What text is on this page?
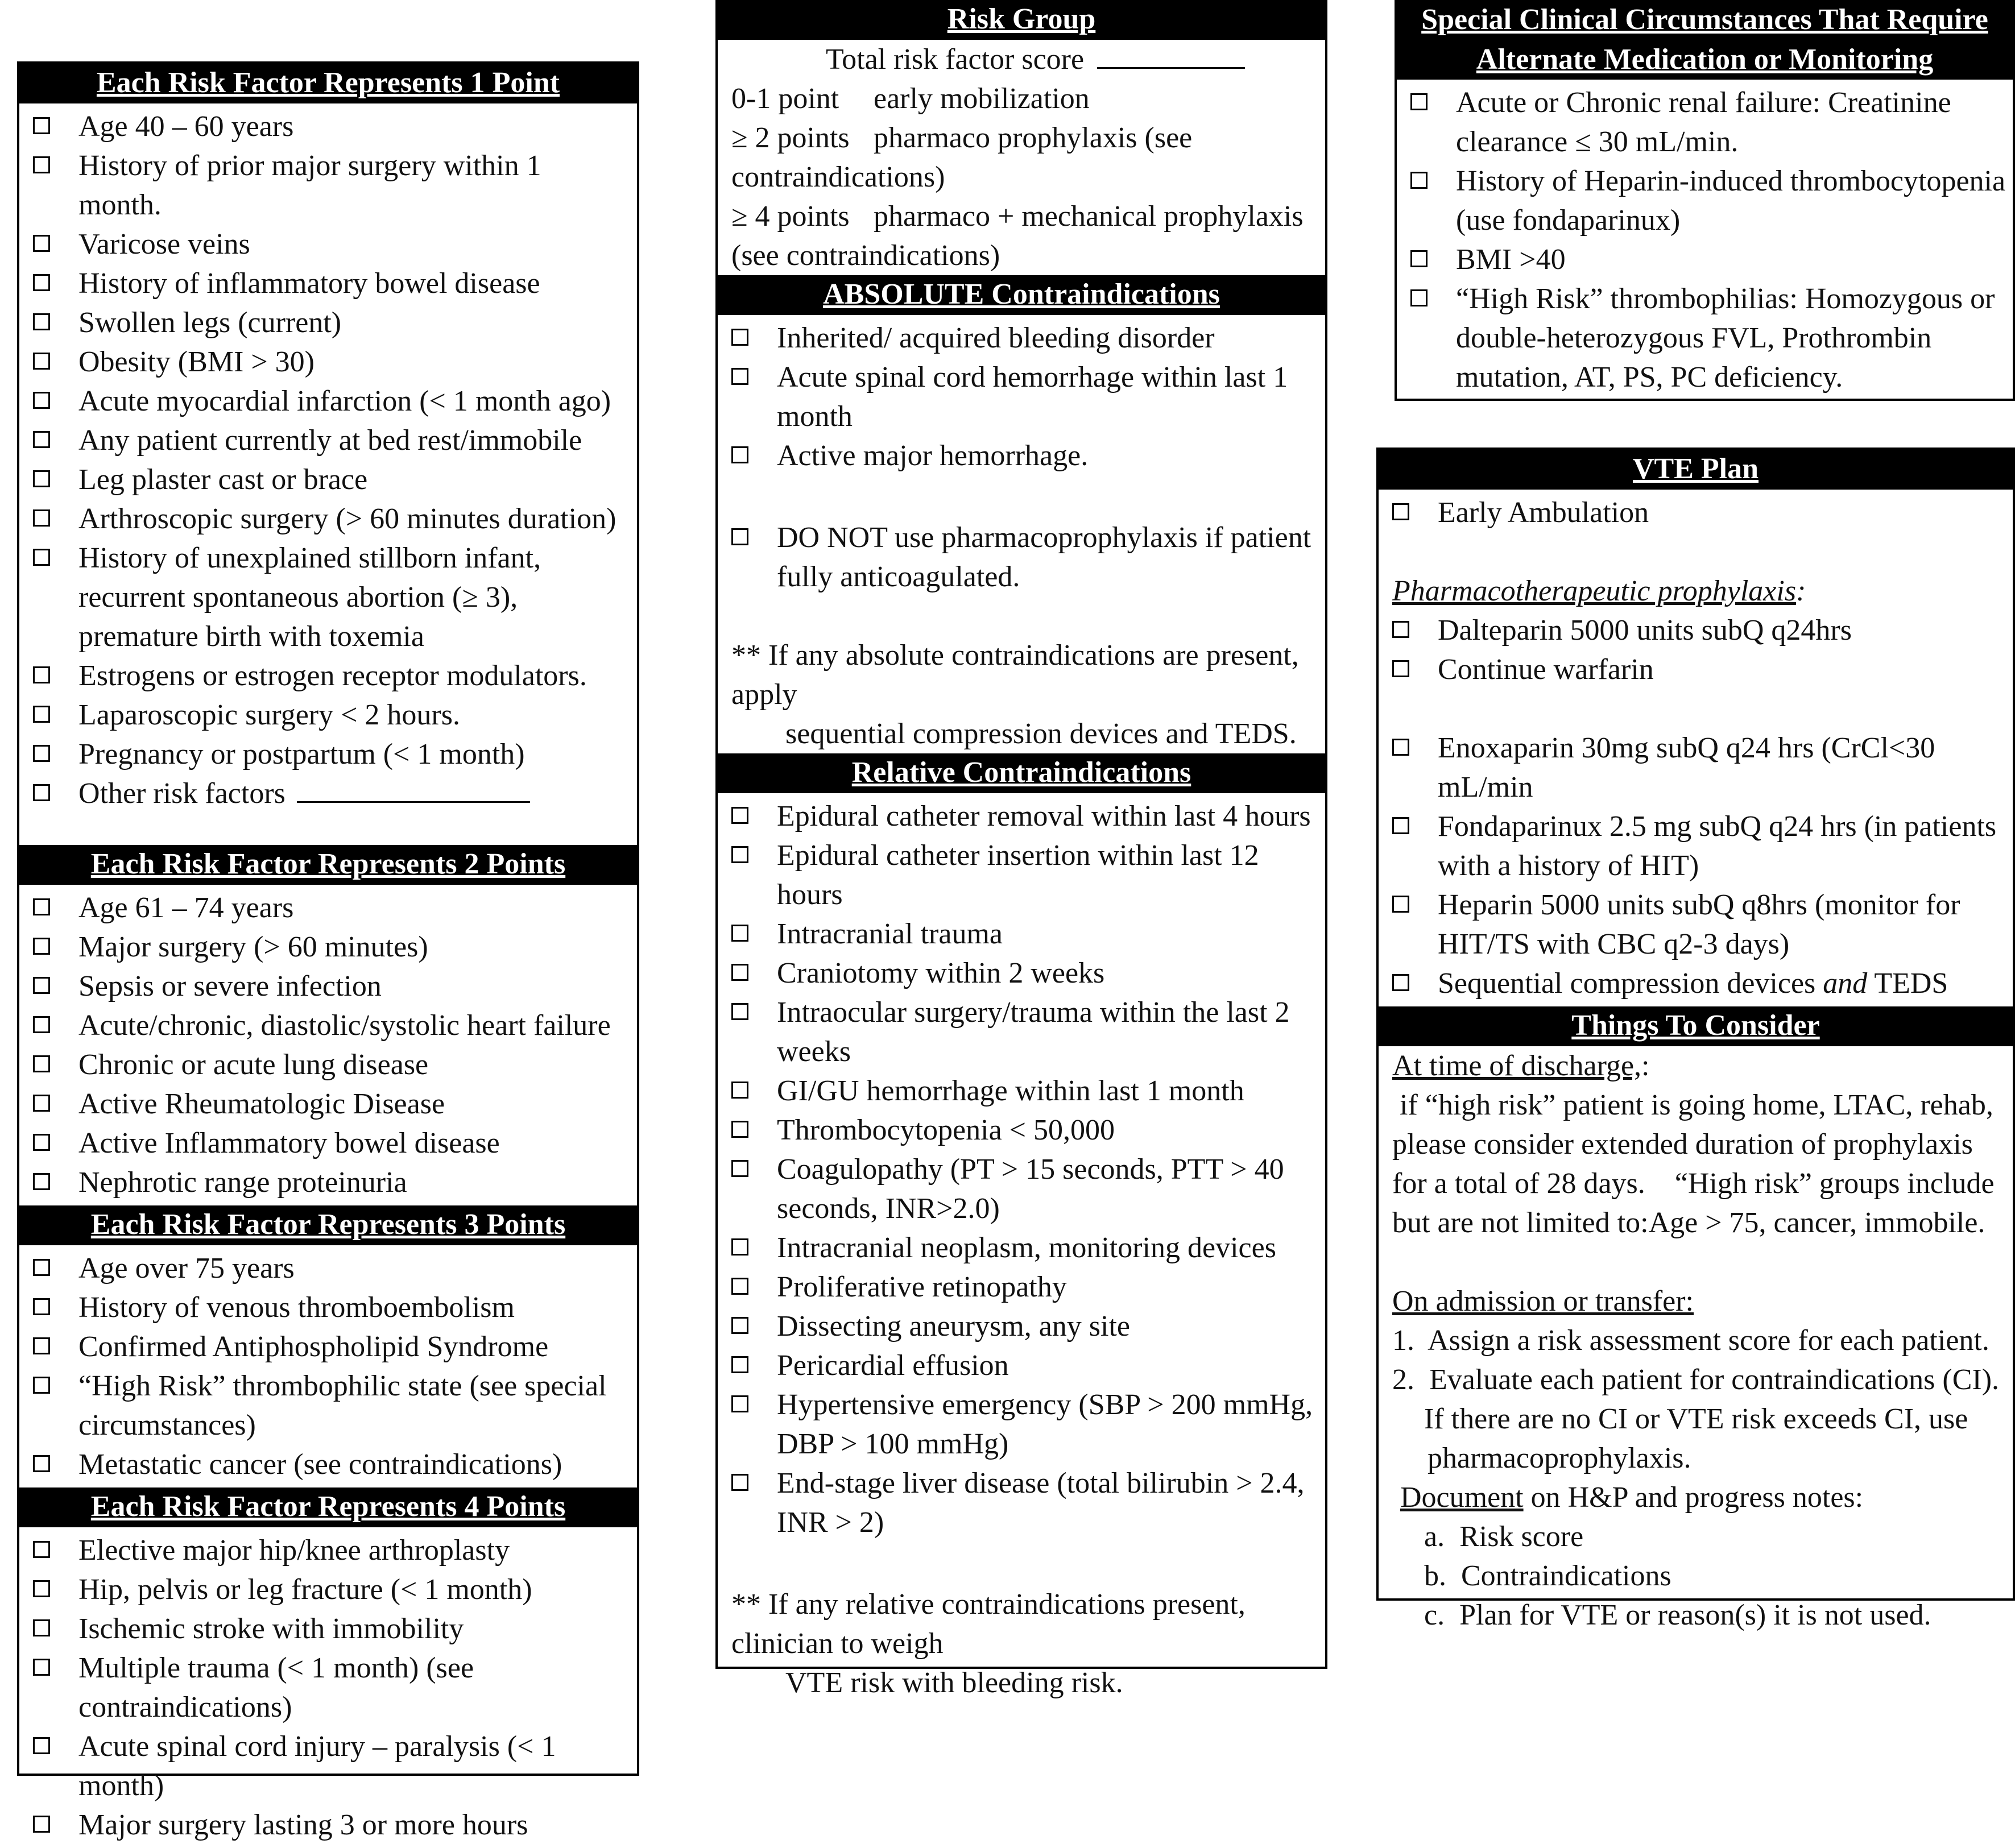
Each Risk Factor Represents 1 Point
Age 40 – 60 years
History of prior major surgery within 1 month.
Varicose veins
History of inflammatory bowel disease
Swollen legs (current)
Obesity (BMI > 30)
Acute myocardial infarction (< 1 month ago)
Any patient currently at bed rest/immobile
Leg plaster cast or brace
Arthroscopic surgery (> 60 minutes duration)
History of unexplained stillborn infant, recurrent spontaneous abortion (≥ 3), premature birth with toxemia
Estrogens or estrogen receptor modulators.
Laparoscopic surgery < 2 hours.
Pregnancy or postpartum (< 1 month)
Other risk factors
Each Risk Factor Represents 2 Points
Age 61 – 74 years
Major surgery (> 60 minutes)
Sepsis or severe infection
Acute/chronic, diastolic/systolic heart failure
Chronic or acute lung disease
Active Rheumatologic Disease
Active Inflammatory bowel disease
Nephrotic range proteinuria
Each Risk Factor Represents 3 Points
Age over 75 years
History of venous thromboembolism
Confirmed Antiphospholipid Syndrome
“High Risk” thrombophilic state (see special circumstances)
Metastatic cancer (see contraindications)
Each Risk Factor Represents 4 Points
Elective major hip/knee arthroplasty
Hip, pelvis or leg fracture (< 1 month)
Ischemic stroke with immobility
Multiple trauma (< 1 month) (see contraindications)
Acute spinal cord injury – paralysis (< 1 month)
Major surgery lasting 3 or more hours
Risk Group
Total risk factor score
0-1 point	early mobilization
≥ 2 points pharmaco prophylaxis (see
contraindications)
≥ 4 points pharmaco + mechanical prophylaxis
(see contraindications)
ABSOLUTE Contraindications
Inherited/ acquired bleeding disorder
Acute spinal cord hemorrhage within last 1 month
Active major hemorrhage.
DO NOT use pharmacoprophylaxis if patient fully anticoagulated.
** If any absolute contraindications are present, apply
sequential compression devices and TEDS.
Relative Contraindications
Epidural catheter removal within last 4 hours
Epidural catheter insertion within last 12 hours
Intracranial trauma
Craniotomy within 2 weeks
Intraocular surgery/trauma within the last 2 weeks
GI/GU hemorrhage within last 1 month
Thrombocytopenia < 50,000
Coagulopathy (PT > 15 seconds, PTT > 40 seconds, INR>2.0)
Intracranial neoplasm, monitoring devices
Proliferative retinopathy
Dissecting aneurysm, any site
Pericardial effusion
Hypertensive emergency (SBP > 200 mmHg, DBP > 100 mmHg)
End-stage liver disease (total bilirubin > 2.4, INR > 2)
** If any relative contraindications present, clinician to weigh
VTE risk with bleeding risk.
Special Clinical Circumstances That Require
Alternate Medication or Monitoring
Acute or Chronic renal failure: Creatinine clearance ≤ 30 mL/min.
History of Heparin-induced thrombocytopenia (use fondaparinux)
BMI >40
“High Risk” thrombophilias: Homozygous or double-heterozygous FVL, Prothrombin mutation, AT, PS, PC deficiency.
VTE Plan
Early Ambulation
Pharmacotherapeutic prophylaxis:
Dalteparin 5000 units subQ q24hrs
Continue warfarin
Enoxaparin 30mg subQ q24 hrs (CrCl<30 mL/min
Fondaparinux 2.5 mg subQ q24 hrs (in patients with a history of HIT)
Heparin 5000 units subQ q8hrs (monitor for HIT/TS with CBC q2-3 days)
Sequential compression devices and TEDS
Things To Consider
At time of discharge,:
if “high risk” patient is going home, LTAC, rehab, please consider extended duration of prophylaxis for a total of 28 days.    “High risk” groups include but are not limited to:Age > 75, cancer, immobile.
On admission or transfer:
1.  Assign a risk assessment score for each patient.
2.  Evaluate each patient for contraindications (CI).
If there are no CI or VTE risk exceeds CI, use
pharmacoprophylaxis.
Document on H&P and progress notes:
a.  Risk score
b.  Contraindications
c.  Plan for VTE or reason(s) it is not used.
